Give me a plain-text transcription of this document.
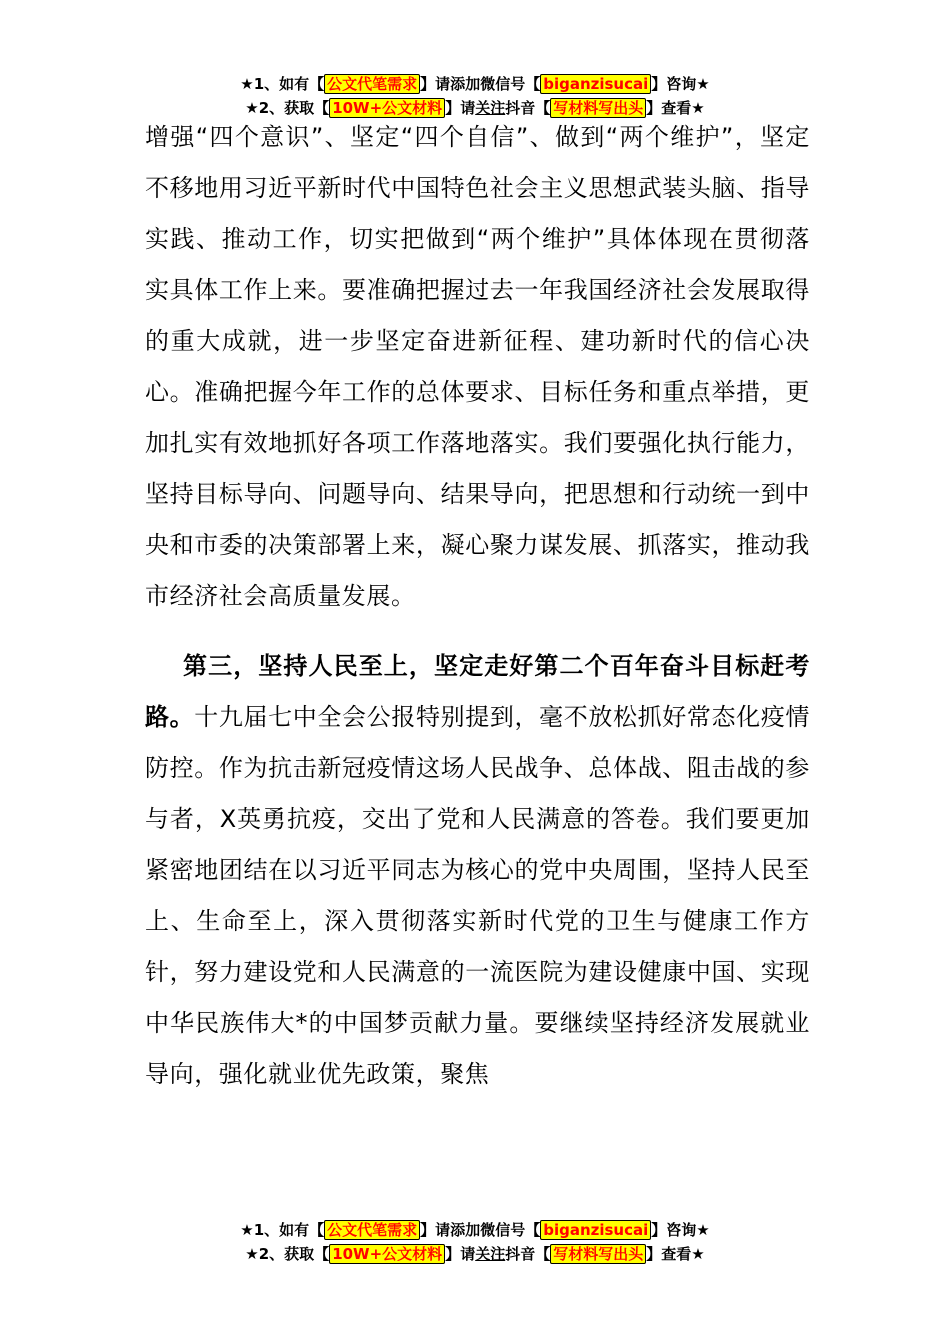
★1、如有【 公文代笔需求 】请添加微信号【 biganzisucai 】咨询★
★2、获取【 10W+公文材料 】请关注抖音【 写材料写出头 】查看★

增强“四个意识”、坚定“四个自信”、做到“两个维护”，坚定不移地用习近平新时代中国特色社会主义思想武装头脑、指导实践、推动工作，切实把做到“两个维护”具体体现在贯彻落实具体工作上来。要准确把握过去一年我国经济社会发展取得的重大成就，进一步坚定奋进新征程、建功新时代的信心决心。准确把握今年工作的总体要求、目标任务和重点举措，更加扎实有效地抓好各项工作落地落实。我们要强化执行能力，坚持目标导向、问题导向、结果导向，把思想和行动统一到中央和市委的决策部署上来，凝心聚力谋发展、抓落实，推动我市经济社会高质量发展。

第三，坚持人民至上，坚定走好第二个百年奋斗目标赶考路。十九届七中全会公报特别提到，毫不放松抓好常态化疫情防控。作为抗击新冠疫情这场人民战争、总体战、阻击战的参与者，X英勇抗疫，交出了党和人民满意的答卷。我们要更加紧密地团结在以习近平同志为核心的党中央周围，坚持人民至上、生命至上，深入贯彻落实新时代党的卫生与健康工作方针，努力建设党和人民满意的一流医院为建设健康中国、实现中华民族伟大*的中国梦贡献力量。要继续坚持经济发展就业导向，强化就业优先政策，聚焦

★1、如有【 公文代笔需求 】请添加微信号【 biganzisucai 】咨询★
★2、获取【 10W+公文材料 】请关注抖音【 写材料写出头 】查看★
